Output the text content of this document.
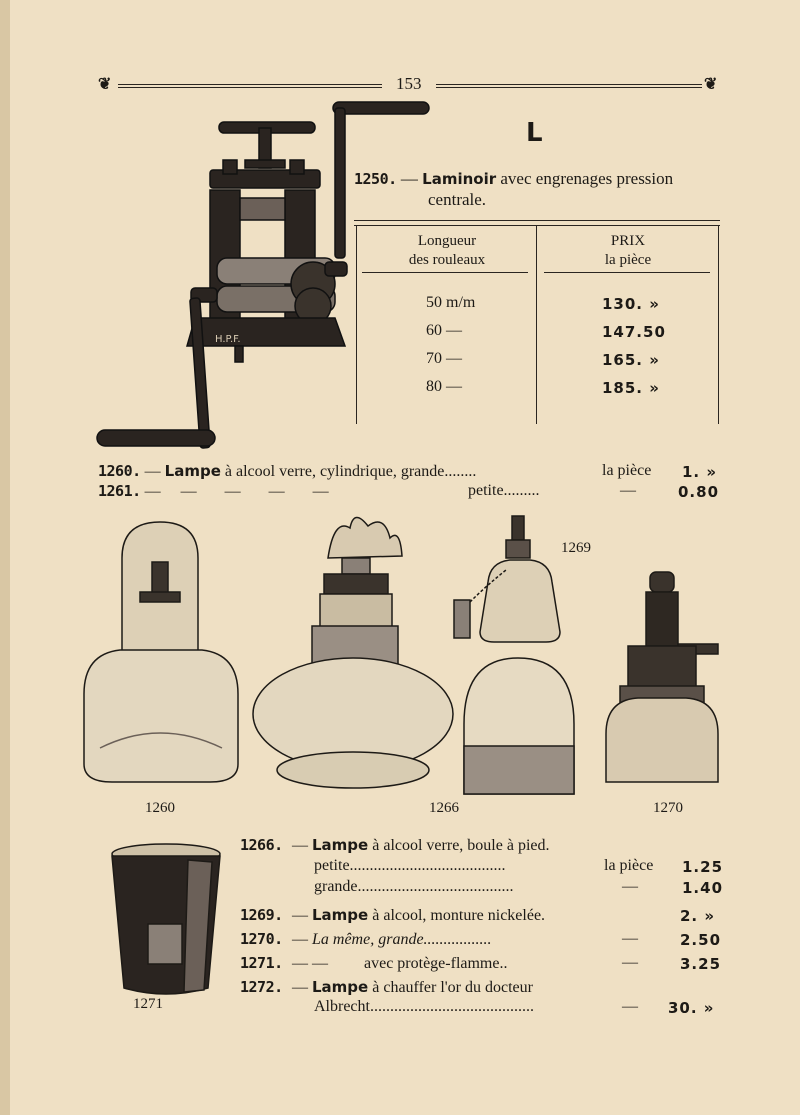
❦	153	❦
L
H.P.F.
1250. — Laminoir avec engrenages pression
centrale.
Longueur
des rouleaux
PRIX
la pièce
50 m/m	130. »
60 —	147.50
70 —	165. »
80 —	185. »
1260. — Lampe à alcool verre, cylindrique, grande........	la pièce 1. »
1261. —     —       —       —       —	petite.........	—	0.80
1260	1266
1269
1270
1271
1266. — Lampe à alcool verre, boule à pied.
petite.......................................	la pièce 1.25
grande.......................................	—	1.40
1269. — Lampe à alcool, monture nickelée.	2. »
1270. — La même, grande.................	—	2.50
1271. — —         avec protège-flamme..	—	3.25
1272. — Lampe à chauffer l'or du docteur
Albrecht.........................................	— 30. »
